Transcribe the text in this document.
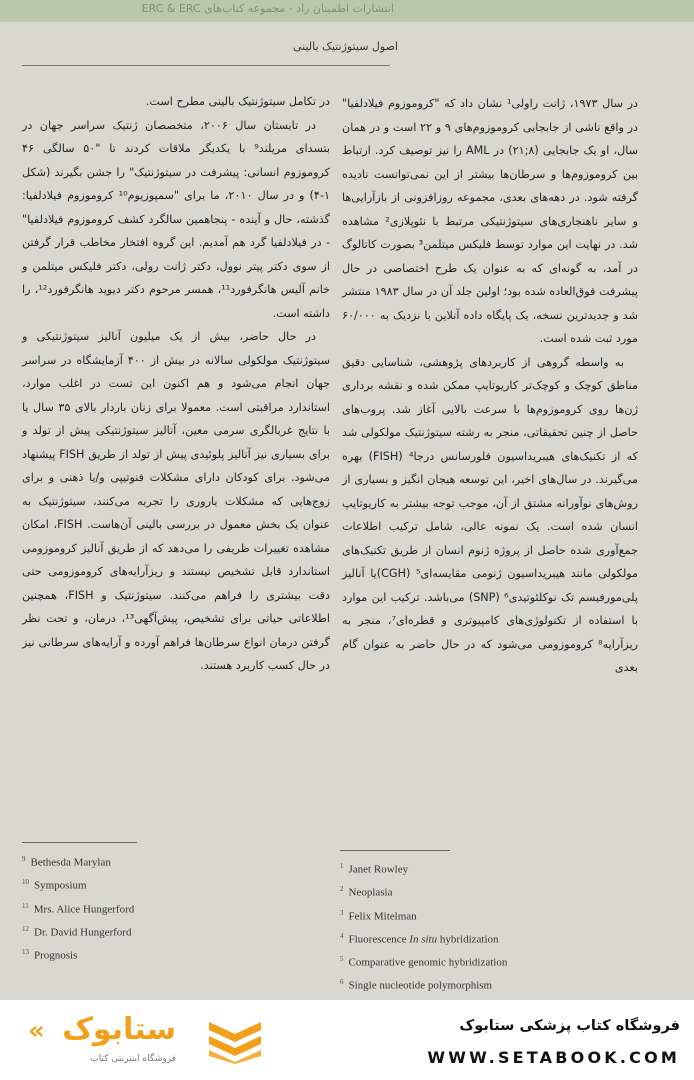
انتشارات اطمینان راد - مجموعه کتاب‌های ERC & ERC
اصول سیتوژنتیک بالینی

در سال ۱۹۷۳، ژانت راولی¹ نشان داد که "کروموزوم فیلادلفیا" در واقع ناشی از جابجایی کروموزوم‌های ۹ و ۲۲ است و در همان سال، او یک جابجایی (۸;۲۱) در AML را نیز توصیف کرد. ارتباط بین کروموزوم‌ها و سرطان‌ها بیشتر از این نمی‌توانست نادیده گرفته شود. در دهه‌های بعدی، مجموعه روزافزونی از بازآرایی‌ها و سایر ناهنجاری‌های سیتوژنتیکی مرتبط با نئوپلازی² مشاهده شد. در نهایت این موارد توسط فلیکس میتلمن³ بصورت کاتالوگ در آمد، به گونه‌ای که به عنوان یک طرح اختصاصی در حال پیشرفت فوق‌العاده شده بود؛ اولین جلد آن در سال ۱۹۸۳ منتشر شد و جدیدترین نسخه، یک پایگاه داده آنلاین با نزدیک به ۶۰/۰۰۰ مورد ثبت شده است.

به واسطه گروهی از کاربردهای پژوهشی، شناسایی دقیق مناطق کوچک و کوچک‌تر کاریوتایپ ممکن شده و نقشه برداری ژن‌ها روی کروموزوم‌ها با سرعت بالایی آغاز شد. پروب‌های حاصل از چنین تحقیقاتی، منجر به رشته سیتوژنتیک مولکولی شد که از تکنیک‌های هیبریداسیون فلورسانس درجا⁴ (FISH) بهره می‌گیرند. در سال‌های اخیر، این توسعه هیجان انگیز و بسیاری از روش‌های نوآورانه مشتق از آن، موجب توجه بیشتر به کاریوتایپ انسان شده است. یک نمونه عالی، شامل ترکیب اطلاعات جمع‌آوری شده حاصل از پروژه ژنوم انسان از طریق تکنیک‌های مولکولی مانند هیبریداسیون ژنومی مقایسه‌ای⁵ (CGH)یا آنالیز پلی‌مورفیسم تک نوکلئوتیدی⁶ (SNP) می‌باشد. ترکیب این موارد با استفاده از تکنولوژی‌های کامپیوتری و قطره‌ای⁷، منجر به ریزآرایه⁸ کروموزومی می‌شود که در حال حاضر به عنوان گام بعدی

در تکامل سیتوژنتیک بالینی مطرح است.

در تابستان سال ۲۰۰۶، متخصصان ژنتیک سراسر جهان در بتسدای مریلند⁹ با یکدیگر ملاقات کردند تا "۵۰ سالگی ۴۶ کروموزوم انسانی: پیشرفت در سیتوژنتیک" را جشن بگیرند (شکل ۱-۴) و در سال ۲۰۱۰، ما برای "سمپوزیوم¹⁰ کروموزوم فیلادلفیا: گذشته، حال و آینده - پنجاهمین سالگرد کشف کروموزوم فیلادلفیا" - در فیلادلفیا گرد هم آمدیم. این گروه افتخار مخاطب قرار گرفتن از سوی دکتر پیتر نوول، دکتر ژانت رولی، دکتر فلیکس میتلمن و خانم آلیس هانگرفورد¹¹، همسر مرحوم دکتر دیوید هانگرفورد¹²، را داشته است.

در حال حاضر، بیش از یک میلیون آنالیز سیتوژنتیکی و سیتوژنتیک مولکولی سالانه در بیش از ۴۰۰ آزمایشگاه در سراسر جهان انجام می‌شود و هم اکنون این تست در اغلب موارد، استاندارد مراقبتی است. معمولا برای زنان باردار بالای ۳۵ سال یا با نتایج غربالگری سرمی معین، آنالیز سیتوژنتیکی پیش از تولد و برای بسیاری نیز آنالیز پلوئیدی پیش از تولد از طریق FISH پیشنهاد می‌شود. برای کودکان دارای مشکلات فنوتیپی و/یا ذهنی و برای زوج‌هایی که مشکلات باروری را تجربه می‌کنند، سیتوژنتیک به عنوان یک بخش معمول در بررسی بالینی آن‌هاست. FISH، امکان مشاهده تغییرات ظریفی را می‌دهد که از طریق آنالیز کروموزومی استاندارد قابل تشخیص نیستند و ریزآرایه‌های کروموزومی حتی دقت بیشتری را فراهم می‌کنند. سیتوژنتیک و FISH، همچنین اطلاعاتی حیاتی برای تشخیص، پیش‌آگهی¹³، درمان، و تحت نظر گرفتن درمان انواع سرطان‌ها فراهم آورده و آرایه‌های سرطانی نیز در حال کسب کاربرد هستند.

$^9$ Bethesda Marylan
$^{10}$ Symposium
$^{11}$ Mrs. Alice Hungerford
$^{12}$ Dr. David Hungerford
$^{13}$ Prognosis
$^1$ Janet Rowley
$^2$ Neoplasia
$^3$ Felix Mitelman
$^4$ Fluorescence In situ hybridization
$^5$ Comparative genomic hybridization
$^6$ Single nucleotide polymorphism
ستابوک
«
فروشگاه اینترنتی کتاب
فروشگاه کتاب پزشکی ستابوک
WWW.SETABOOK.COM
